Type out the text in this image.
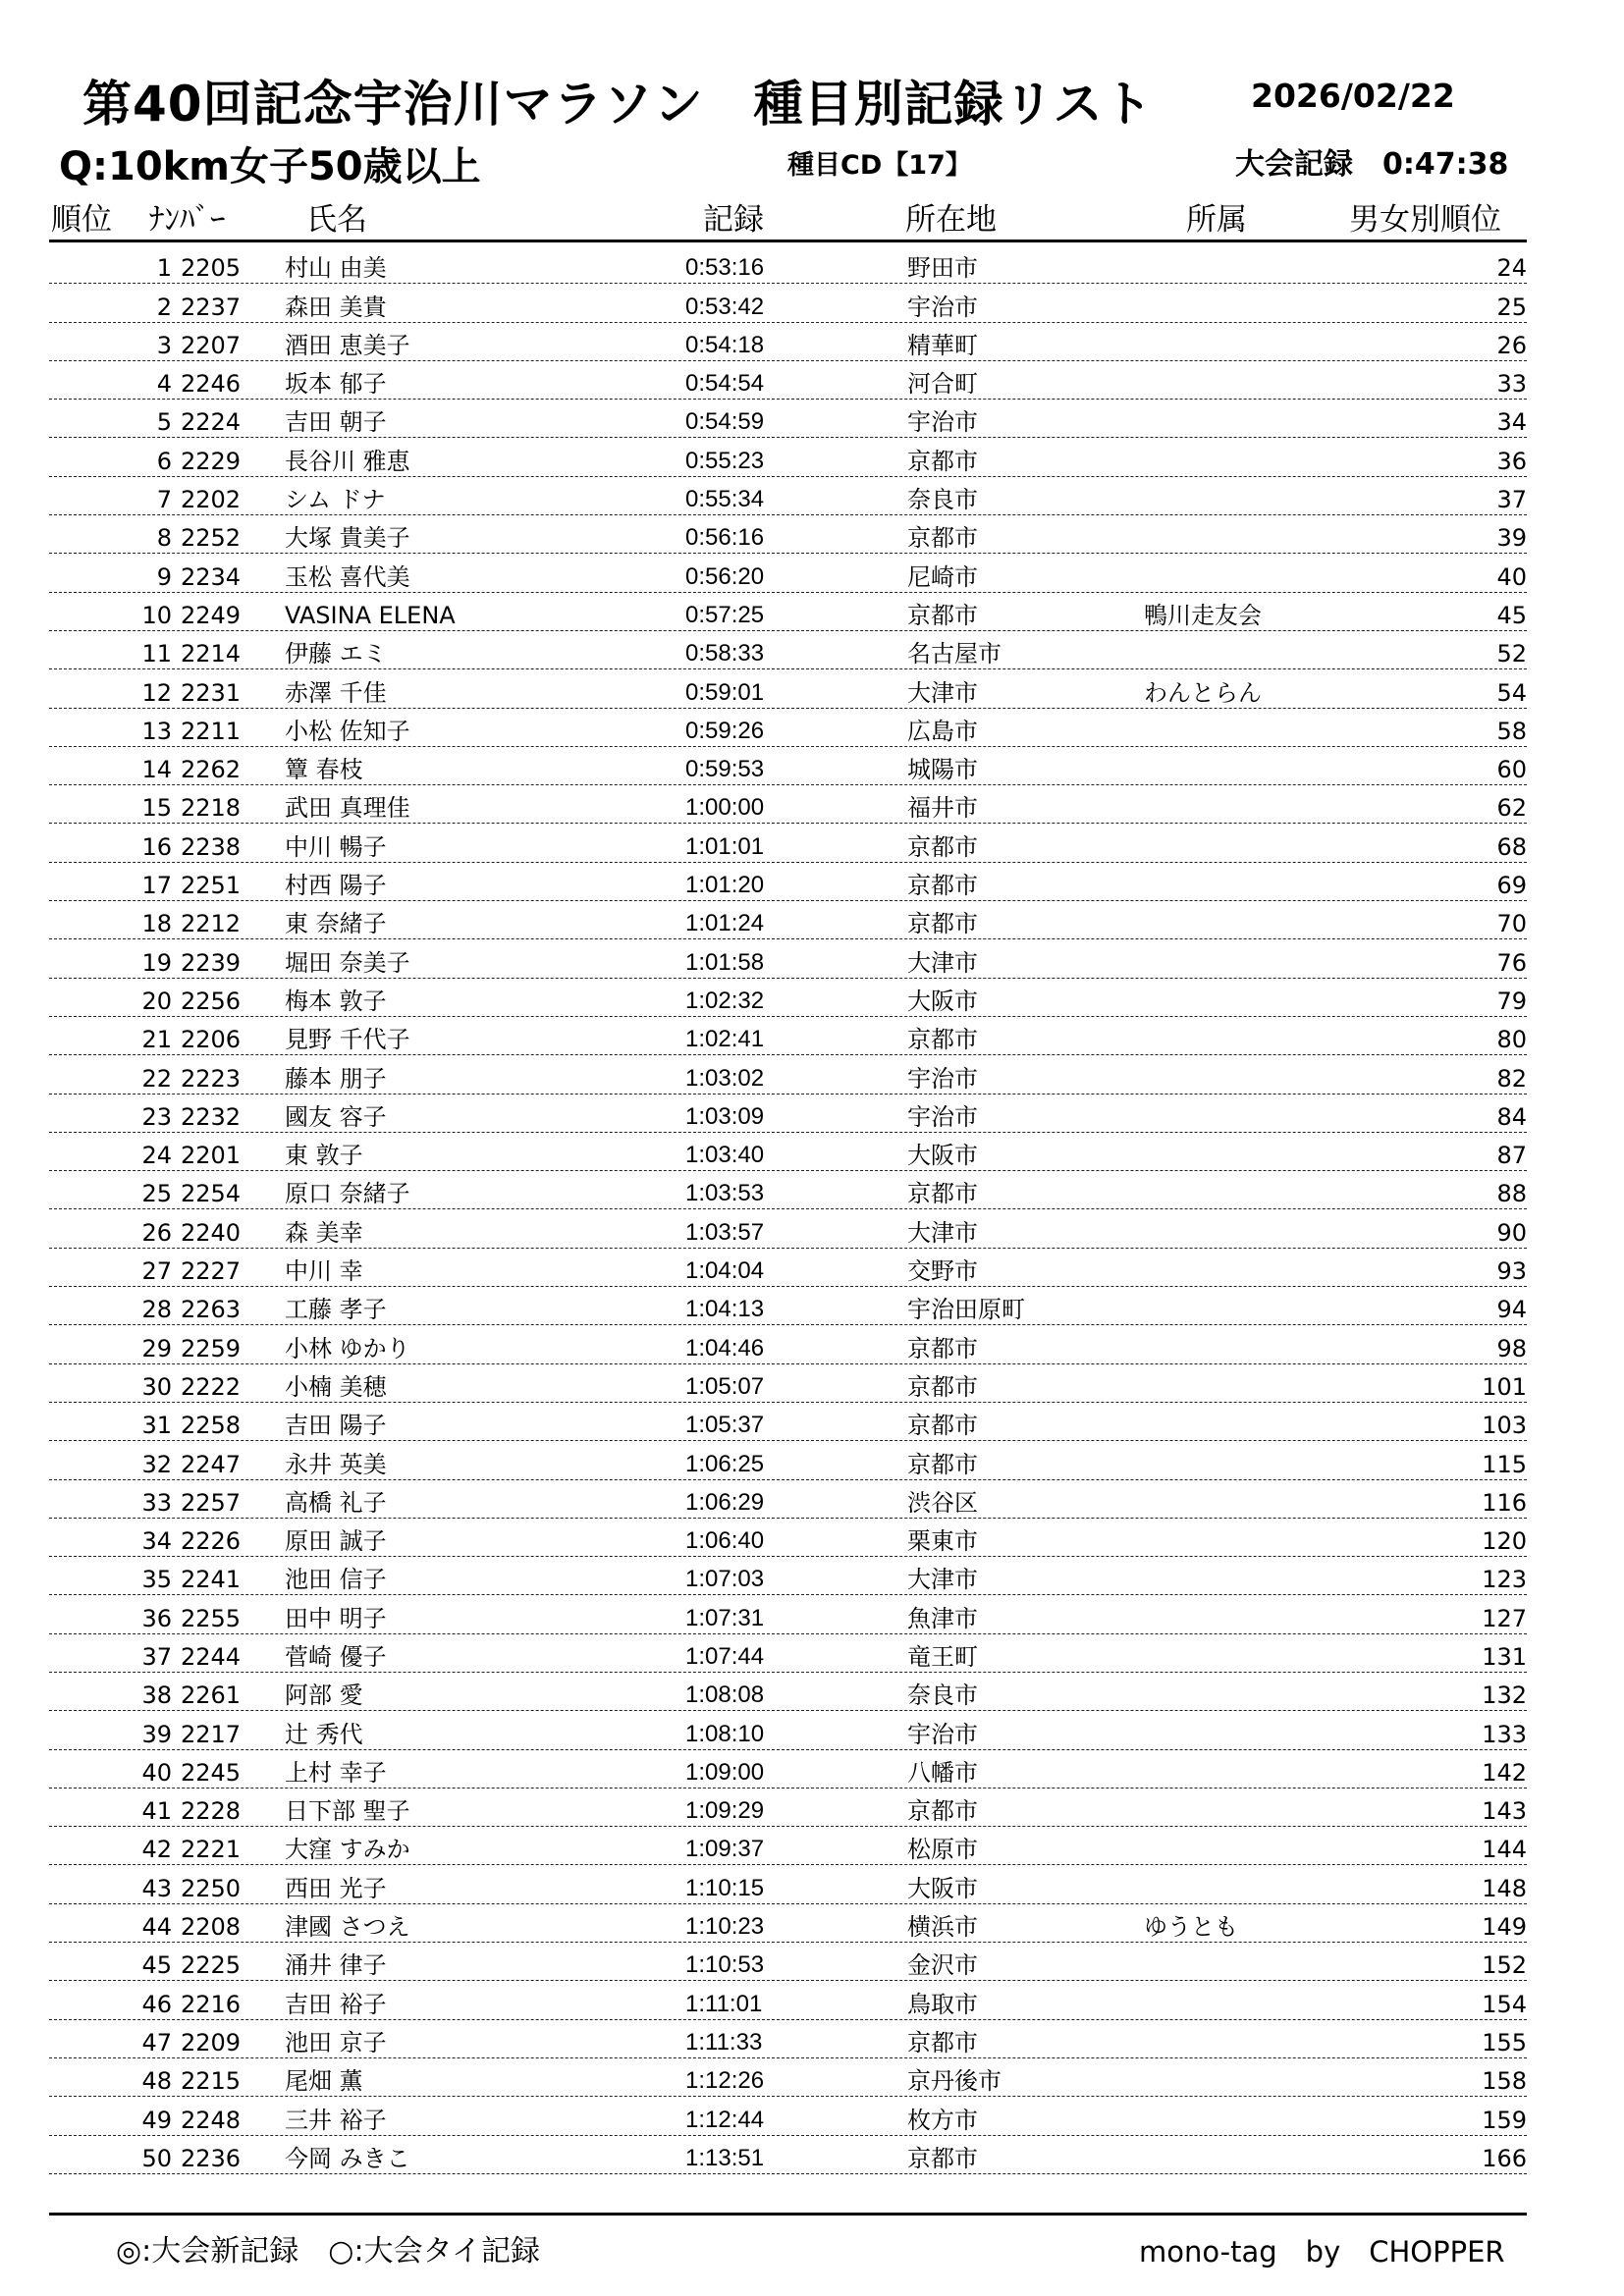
第40回記念宇治川マラソン　種目別記録リスト	2026/02/22
Q:10km女子50歳以上	種目CD【17】	大会記録　0:47:38
順位 ﾅﾝﾊﾞｰ	氏名	記録	所在地	所属	男女別順位
1 2205 村山 由美	0:53:16	野田市	24
2 2237 森田 美貴	0:53:42	宇治市	25
3 2207 酒田 恵美子	0:54:18	精華町	26
4 2246 坂本 郁子	0:54:54	河合町	33
5 2224 吉田 朝子	0:54:59	宇治市	34
6 2229 長谷川 雅恵	0:55:23	京都市	36
7 2202 シム ドナ	0:55:34	奈良市	37
8 2252 大塚 貴美子	0:56:16	京都市	39
9 2234 玉松 喜代美	0:56:20	尼崎市	40
10 2249 VASINA ELENA	0:57:25	京都市	鴨川走友会	45
11 2214 伊藤 エミ	0:58:33	名古屋市	52
12 2231 赤澤 千佳	0:59:01	大津市	わんとらん	54
13 2211 小松 佐知子	0:59:26	広島市	58
14 2262 簟 春枝	0:59:53	城陽市	60
15 2218 武田 真理佳	1:00:00	福井市	62
16 2238 中川 暢子	1:01:01	京都市	68
17 2251 村西 陽子	1:01:20	京都市	69
18 2212 東 奈緒子	1:01:24	京都市	70
19 2239 堀田 奈美子	1:01:58	大津市	76
20 2256 梅本 敦子	1:02:32	大阪市	79
21 2206 見野 千代子	1:02:41	京都市	80
22 2223 藤本 朋子	1:03:02	宇治市	82
23 2232 國友 容子	1:03:09	宇治市	84
24 2201 東 敦子	1:03:40	大阪市	87
25 2254 原口 奈緒子	1:03:53	京都市	88
26 2240 森 美幸	1:03:57	大津市	90
27 2227 中川 幸	1:04:04	交野市	93
28 2263 工藤 孝子	1:04:13	宇治田原町	94
29 2259 小林 ゆかり	1:04:46	京都市	98
30 2222 小楠 美穂	1:05:07	京都市	101
31 2258 吉田 陽子	1:05:37	京都市	103
32 2247 永井 英美	1:06:25	京都市	115
33 2257 高橋 礼子	1:06:29	渋谷区	116
34 2226 原田 誠子	1:06:40	栗東市	120
35 2241 池田 信子	1:07:03	大津市	123
36 2255 田中 明子	1:07:31	魚津市	127
37 2244 菅崎 優子	1:07:44	竜王町	131
38 2261 阿部 愛	1:08:08	奈良市	132
39 2217 辻 秀代	1:08:10	宇治市	133
40 2245 上村 幸子	1:09:00	八幡市	142
41 2228 日下部 聖子	1:09:29	京都市	143
42 2221 大窪 すみか	1:09:37	松原市	144
43 2250 西田 光子	1:10:15	大阪市	148
44 2208 津國 さつえ	1:10:23	横浜市	ゆうとも	149
45 2225 涌井 律子	1:10:53	金沢市	152
46 2216 吉田 裕子	1:11:01	鳥取市	154
47 2209 池田 京子	1:11:33	京都市	155
48 2215 尾畑 薫	1:12:26	京丹後市	158
49 2248 三井 裕子	1:12:44	枚方市	159
50 2236 今岡 みきこ	1:13:51	京都市	166
◎:大会新記録　○:大会タイ記録	mono-tag　by　CHOPPER
